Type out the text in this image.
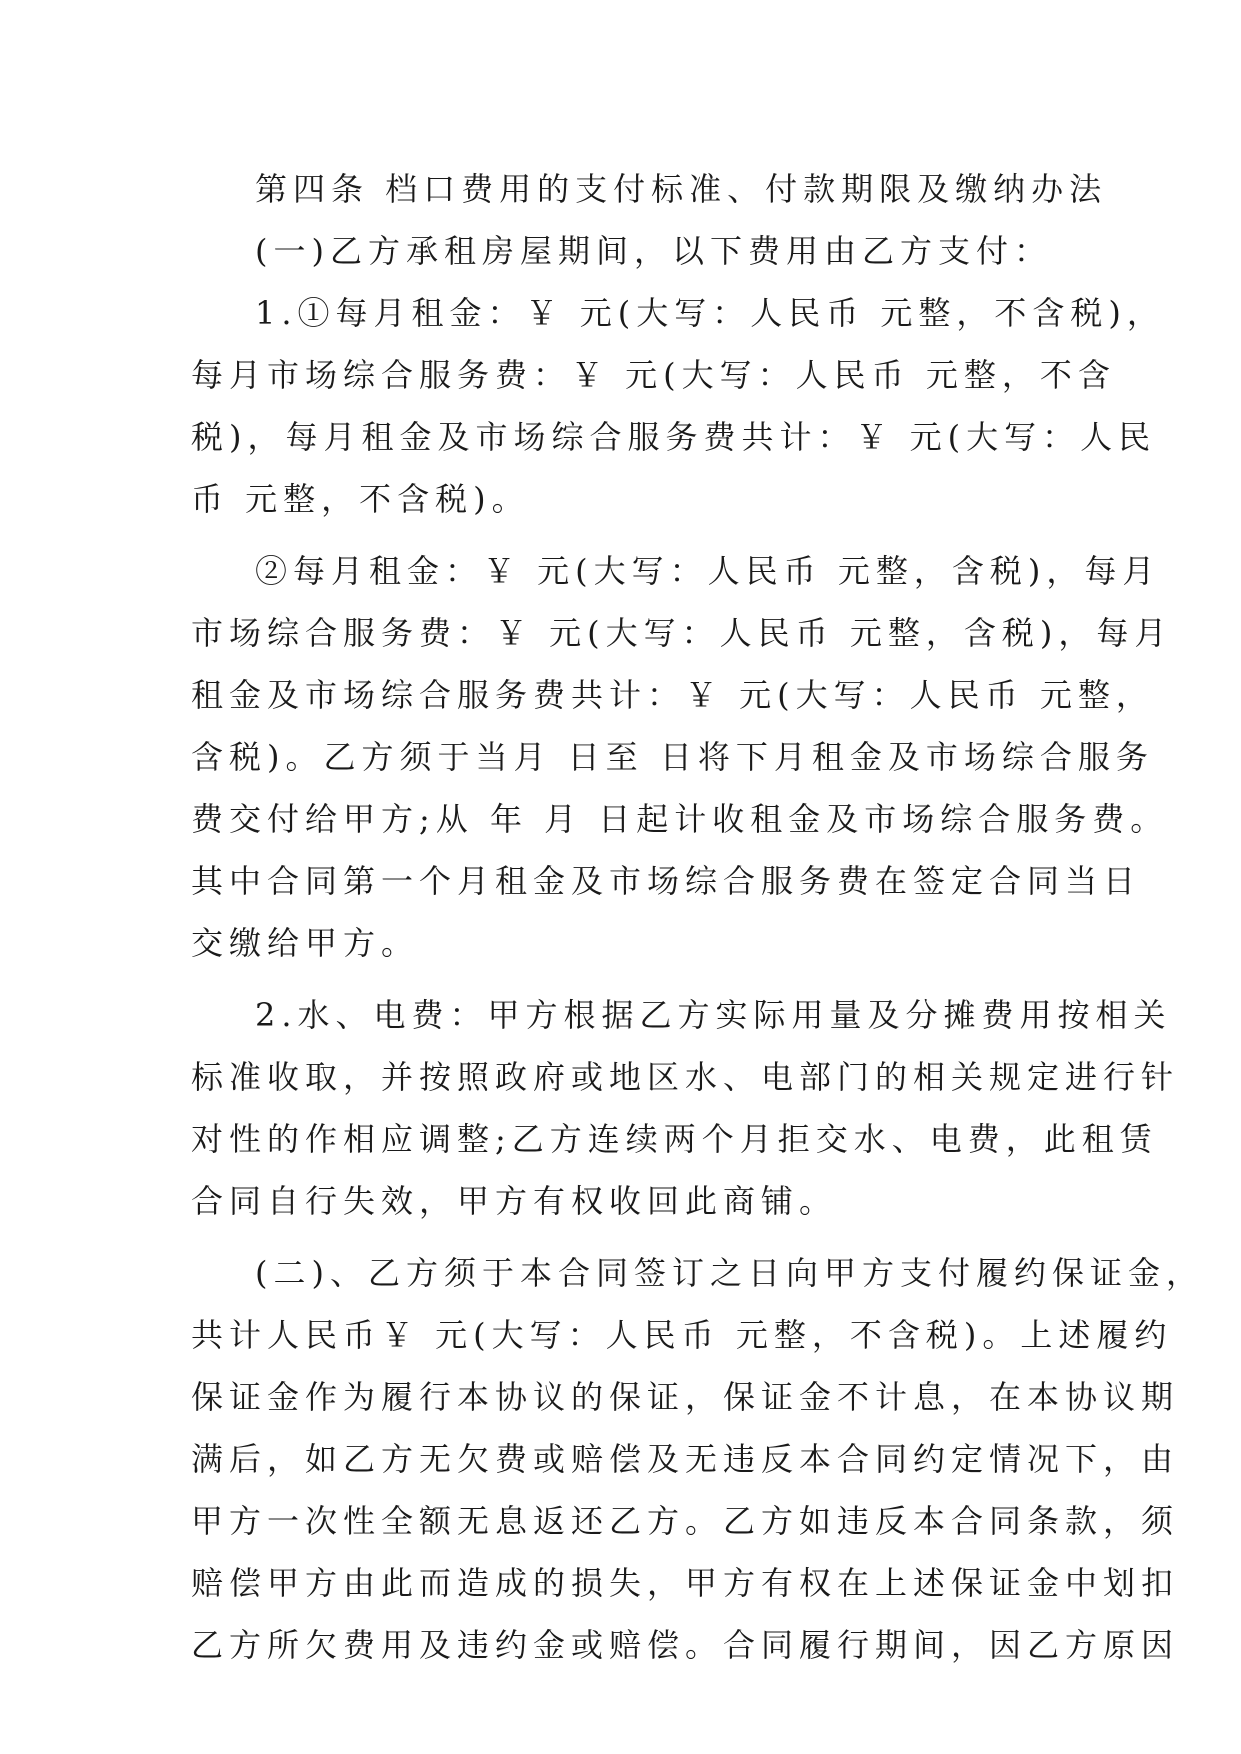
第四条 档口费用的支付标准、付款期限及缴纳办法
(一)乙方承租房屋期间，以下费用由乙方支付：
1.①每月租金：￥ 元(大写：人民币 元整，不含税)，
每月市场综合服务费：￥ 元(大写：人民币 元整，不含
税)，每月租金及市场综合服务费共计：￥ 元(大写：人民
币 元整，不含税)。
②每月租金：￥ 元(大写：人民币 元整，含税)，每月
市场综合服务费：￥ 元(大写：人民币 元整，含税)，每月
租金及市场综合服务费共计：￥ 元(大写：人民币 元整，
含税)。乙方须于当月 日至 日将下月租金及市场综合服务
费交付给甲方;从 年 月 日起计收租金及市场综合服务费。
其中合同第一个月租金及市场综合服务费在签定合同当日
交缴给甲方。
2.水、电费：甲方根据乙方实际用量及分摊费用按相关
标准收取，并按照政府或地区水、电部门的相关规定进行针
对性的作相应调整;乙方连续两个月拒交水、电费，此租赁
合同自行失效，甲方有权收回此商铺。
(二)、乙方须于本合同签订之日向甲方支付履约保证金，
共计人民币￥ 元(大写：人民币 元整，不含税)。上述履约
保证金作为履行本协议的保证，保证金不计息，在本协议期
满后，如乙方无欠费或赔偿及无违反本合同约定情况下，由
甲方一次性全额无息返还乙方。乙方如违反本合同条款，须
赔偿甲方由此而造成的损失，甲方有权在上述保证金中划扣
乙方所欠费用及违约金或赔偿。合同履行期间，因乙方原因
